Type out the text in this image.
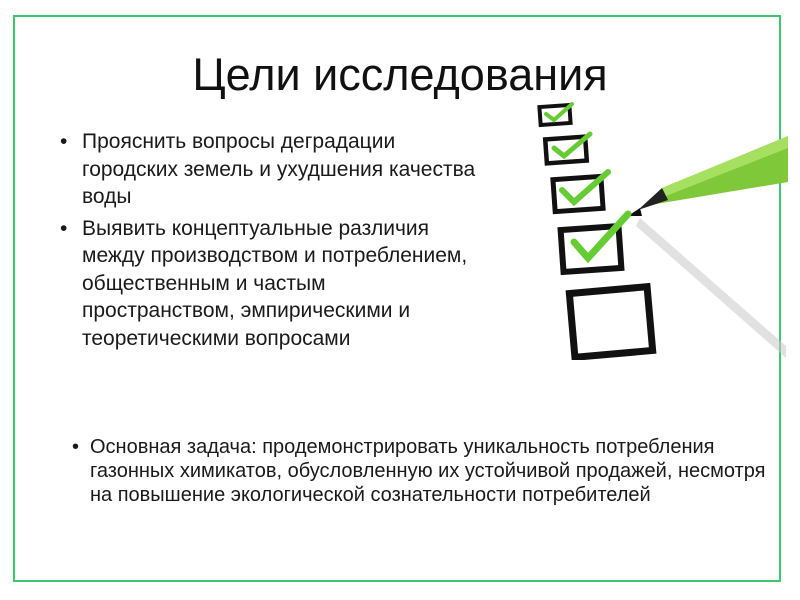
Цели исследования
• Прояснить вопросы деградации городских земель и ухудшения качества воды
• Выявить концептуальные различия между производством и потреблением, общественным и частым пространством, эмпирическими и теоретическими вопросами
• Основная задача: продемонстрировать уникальность потребления газонных химикатов, обусловленную их устойчивой продажей, несмотря на повышение экологической сознательности потребителей
